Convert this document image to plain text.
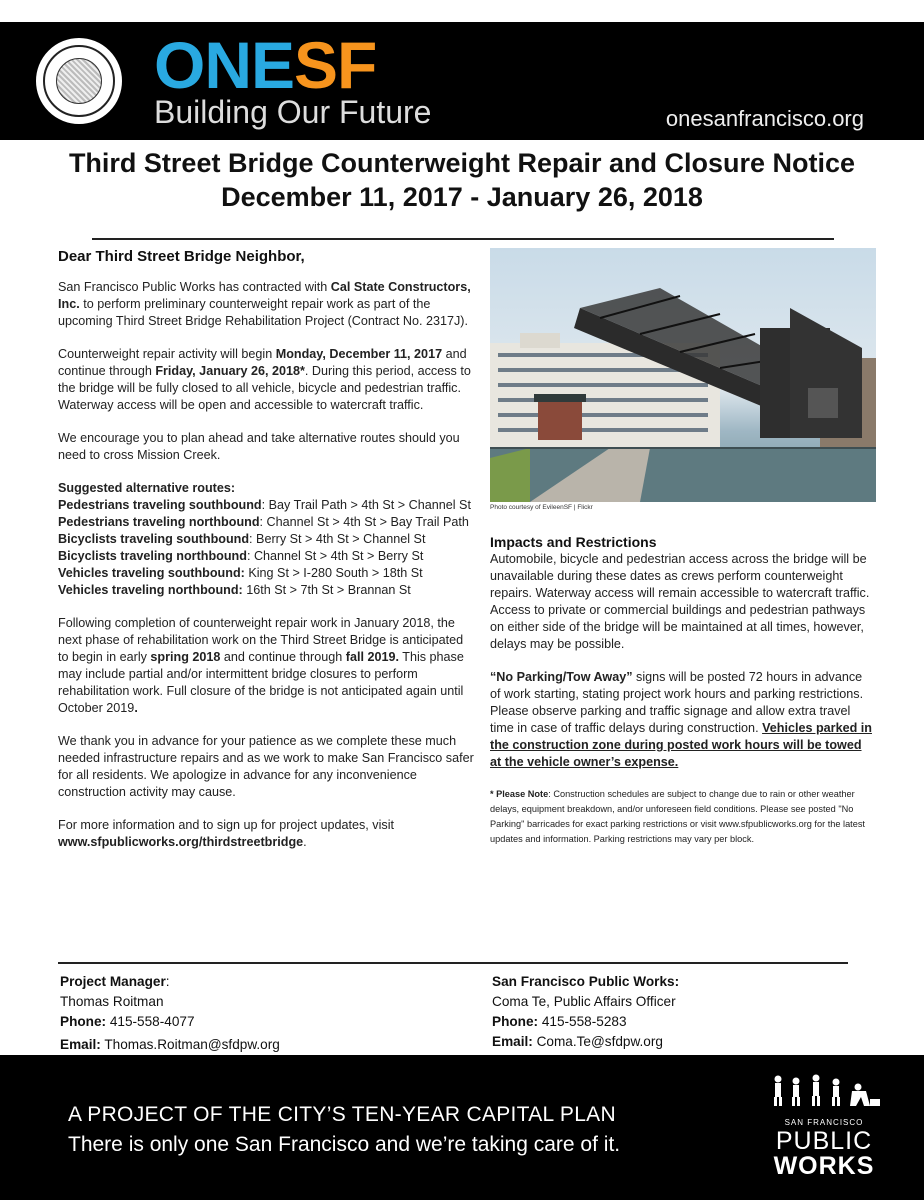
ONESF
Building Our Future	onesanfrancisco.org
Third Street Bridge Counterweight Repair and Closure Notice
December 11, 2017 - January 26, 2018

Dear Third Street Bridge Neighbor,

San Francisco Public Works has contracted with Cal State Constructors, Inc. to perform preliminary counterweight repair work as part of the upcoming Third Street Bridge Rehabilitation Project (Contract No. 2317J).

Counterweight repair activity will begin Monday, December 11, 2017 and continue through Friday, January 26, 2018*. During this period, access to the bridge will be fully closed to all vehicle, bicycle and pedestrian traffic. Waterway access will be open and accessible to watercraft traffic.

We encourage you to plan ahead and take alternative routes should you need to cross Mission Creek.

Suggested alternative routes:
Pedestrians traveling southbound: Bay Trail Path > 4th St > Channel St
Pedestrians traveling northbound: Channel St > 4th St > Bay Trail Path
Bicyclists traveling southbound: Berry St > 4th St > Channel St
Bicyclists traveling northbound: Channel St > 4th St > Berry St
Vehicles traveling southbound: King St > I-280 South > 18th St
Vehicles traveling northbound: 16th St > 7th St > Brannan St

Following completion of counterweight repair work in January 2018, the next phase of rehabilitation work on the Third Street Bridge is anticipated to begin in early spring 2018 and continue through fall 2019. This phase may include partial and/or intermittent bridge closures to perform rehabilitation work. Full closure of the bridge is not anticipated again until October 2019.

We thank you in advance for your patience as we complete these much needed infrastructure repairs and as we work to make San Francisco safer for all residents. We apologize in advance for any inconvenience construction activity may cause.

For more information and to sign up for project updates, visit www.sfpublicworks.org/thirdstreetbridge.

Photo courtesy of EvileenSF | Flickr
Impacts and Restrictions

Automobile, bicycle and pedestrian access across the bridge will be unavailable during these dates as crews perform counterweight repairs. Waterway access will remain accessible to watercraft traffic. Access to private or commercial buildings and pedestrian pathways on either side of the bridge will be maintained at all times, however, delays may be possible.

“No Parking/Tow Away” signs will be posted 72 hours in advance of work starting, stating project work hours and parking restrictions. Please observe parking and traffic signage and allow extra travel time in case of traffic delays during construction. Vehicles parked in the construction zone during posted work hours will be towed at the vehicle owner’s expense.

* Please Note: Construction schedules are subject to change due to rain or other weather delays, equipment breakdown, and/or unforeseen field conditions. Please see posted "No Parking" barricades for exact parking restrictions or visit www.sfpublicworks.org for the latest updates and information. Parking restrictions may vary per block.
Project Manager:
Thomas Roitman
Phone: 415-558-4077
Email: Thomas.Roitman@sfdpw.org
San Francisco Public Works:
Coma Te, Public Affairs Officer
Phone: 415-558-5283
Email: Coma.Te@sfdpw.org
A PROJECT OF THE CITY’S TEN-YEAR CAPITAL PLAN
There is only one San Francisco and we’re taking care of it.
SAN FRANCISCO
PUBLIC
WORKS
